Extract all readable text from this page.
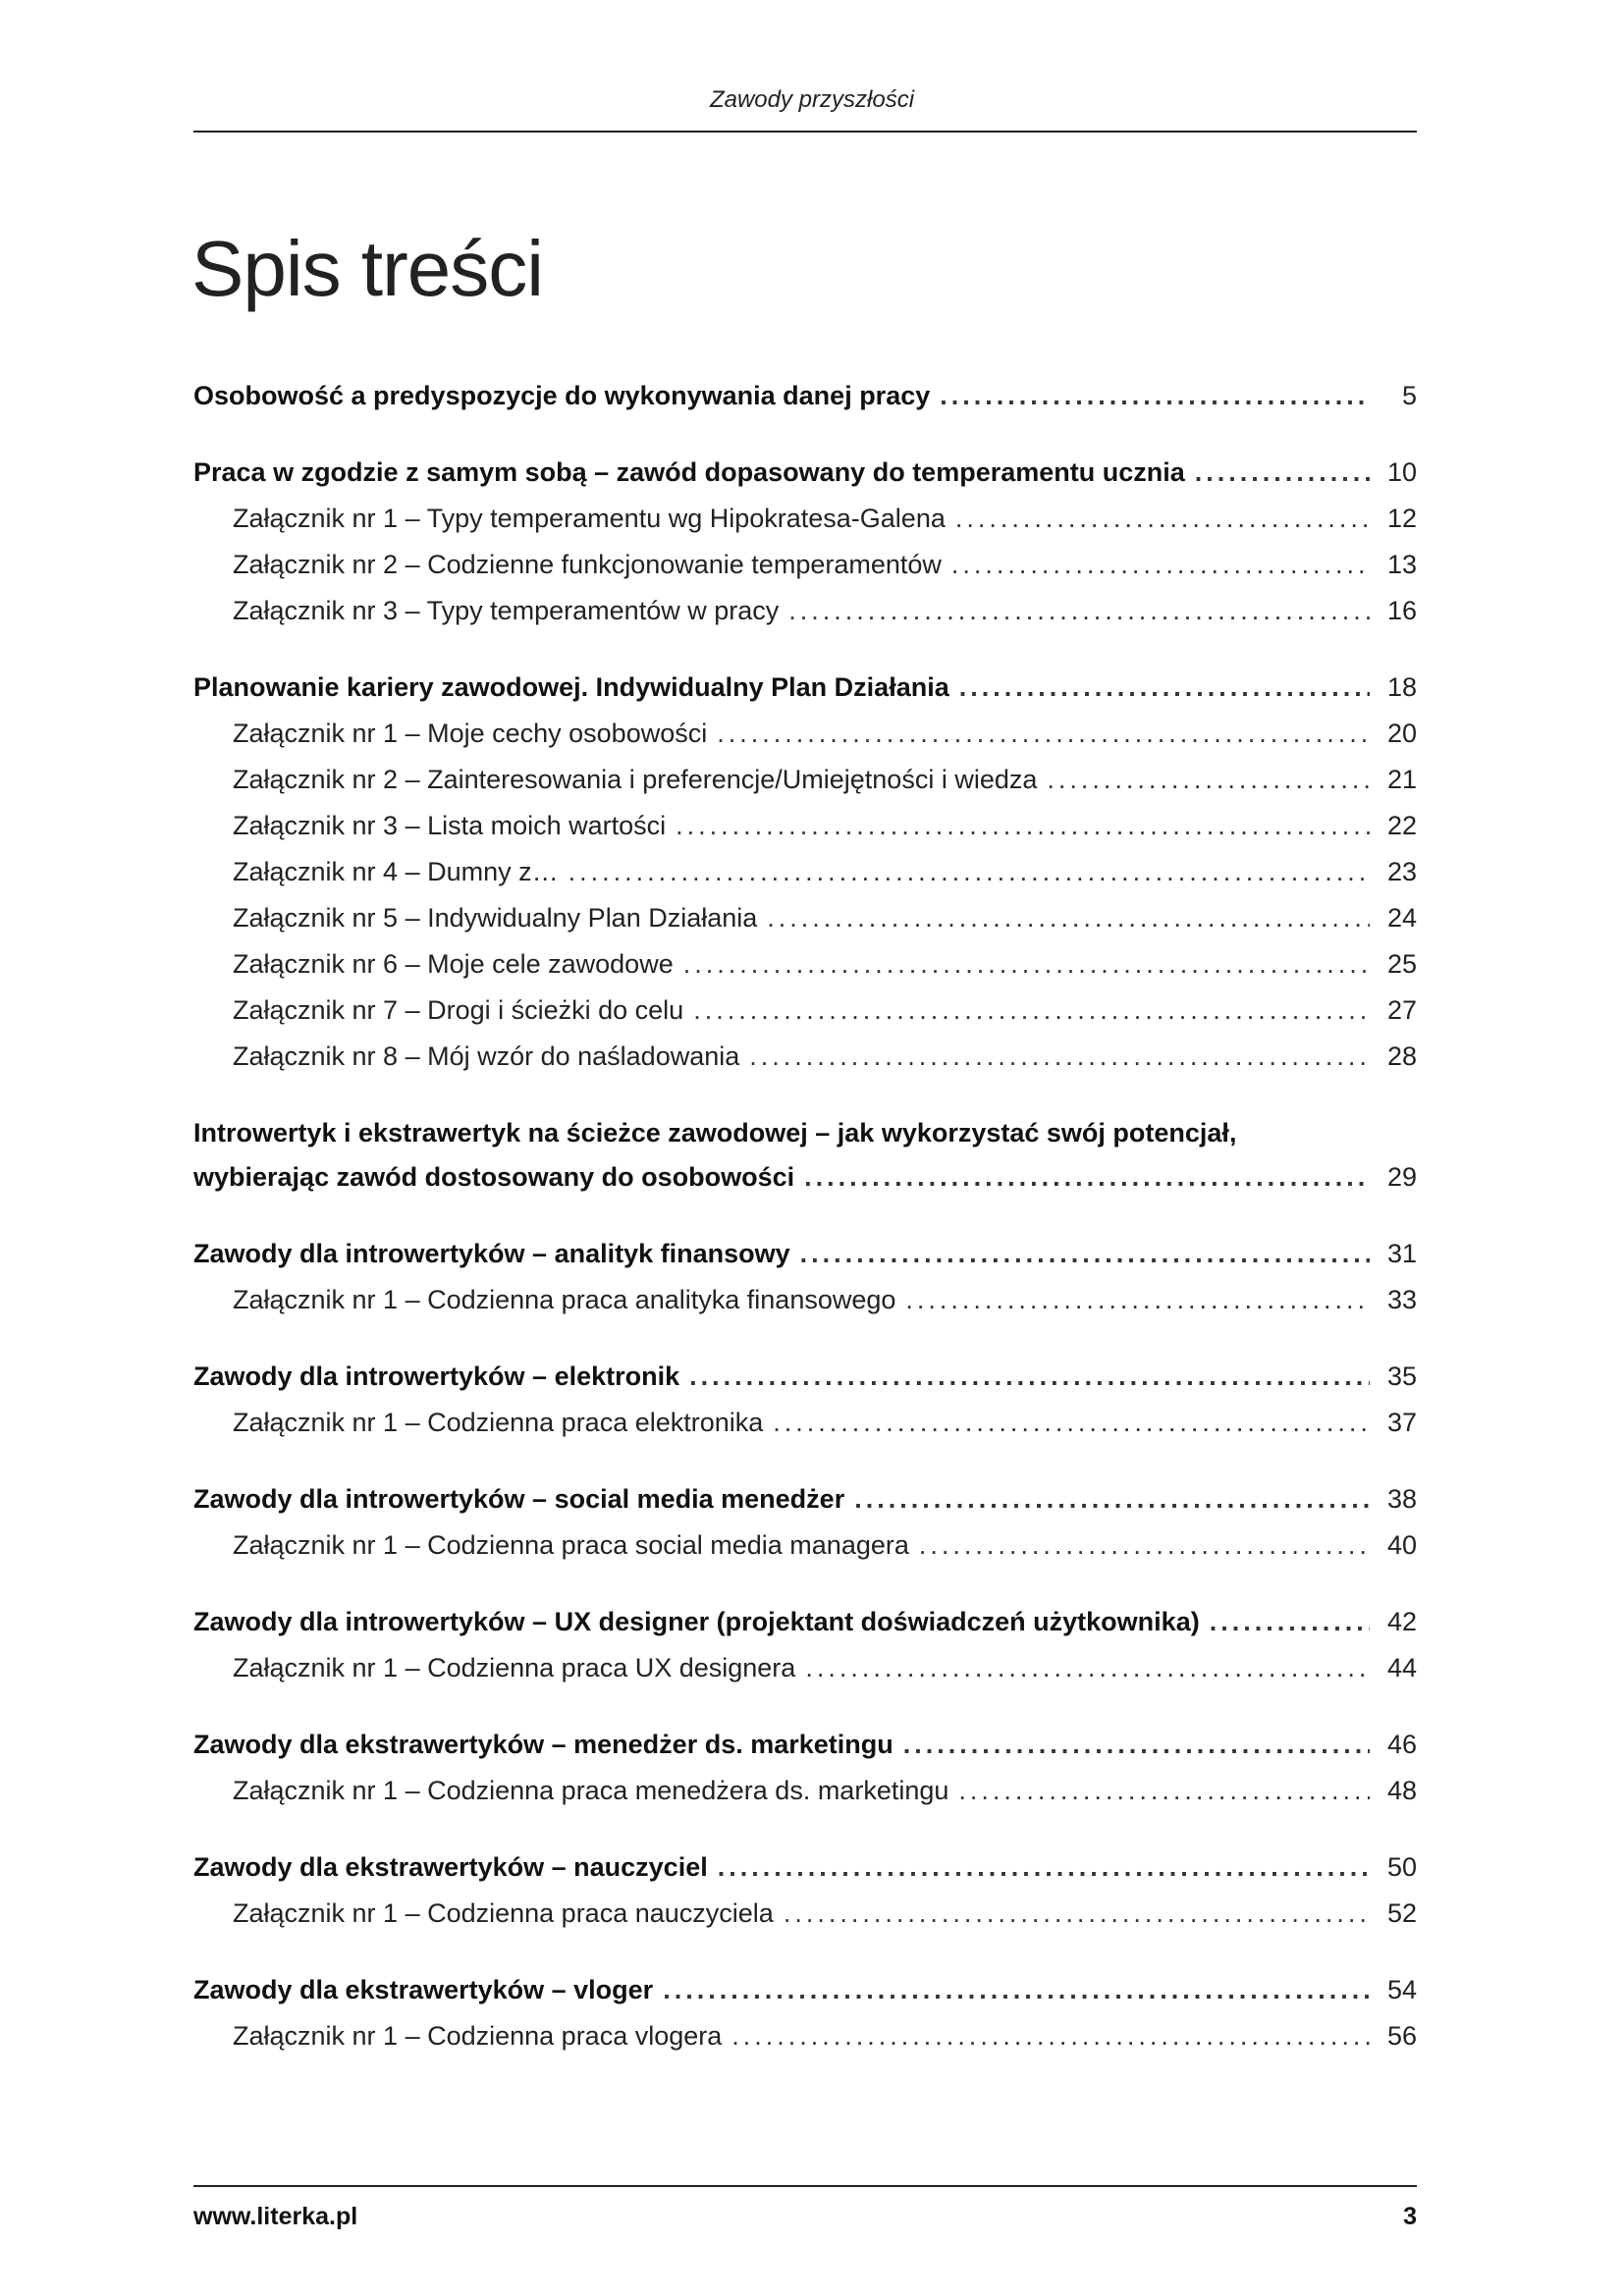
Zawody przyszłości
Spis treści
Osobowość a predyspozycje do wykonywania danej pracy .....	5
Praca w zgodzie z samym sobą – zawód dopasowany do temperamentu ucznia .....	10
Załącznik nr 1 – Typy temperamentu wg Hipokratesa-Galena .....	12
Załącznik nr 2 – Codzienne funkcjonowanie temperamentów .....	13
Załącznik nr 3 – Typy temperamentów w pracy .....	16
Planowanie kariery zawodowej. Indywidualny Plan Działania .....	18
Załącznik nr 1 – Moje cechy osobowości .....	20
Załącznik nr 2 – Zainteresowania i preferencje/Umiejętności i wiedza .....	21
Załącznik nr 3 – Lista moich wartości .....	22
Załącznik nr 4 – Dumny z… .....	23
Załącznik nr 5 – Indywidualny Plan Działania .....	24
Załącznik nr 6 – Moje cele zawodowe .....	25
Załącznik nr 7 – Drogi i ścieżki do celu .....	27
Załącznik nr 8 – Mój wzór do naśladowania .....	28
Introwertyk i ekstrawertyk na ścieżce zawodowej – jak wykorzystać swój potencjał,
wybierając zawód dostosowany do osobowości .....	29
Zawody dla introwertyków – analityk finansowy .....	31
Załącznik nr 1 – Codzienna praca analityka finansowego .....	33
Zawody dla introwertyków – elektronik .....	35
Załącznik nr 1 – Codzienna praca elektronika .....	37
Zawody dla introwertyków – social media menedżer .....	38
Załącznik nr 1 – Codzienna praca social media managera .....	40
Zawody dla introwertyków – UX designer (projektant doświadczeń użytkownika) .....	42
Załącznik nr 1 – Codzienna praca UX designera .....	44
Zawody dla ekstrawertyków – menedżer ds. marketingu .....	46
Załącznik nr 1 – Codzienna praca menedżera ds. marketingu .....	48
Zawody dla ekstrawertyków – nauczyciel .....	50
Załącznik nr 1 – Codzienna praca nauczyciela .....	52
Zawody dla ekstrawertyków – vloger .....	54
Załącznik nr 1 – Codzienna praca vlogera .....	56
www.literka.pl	3
